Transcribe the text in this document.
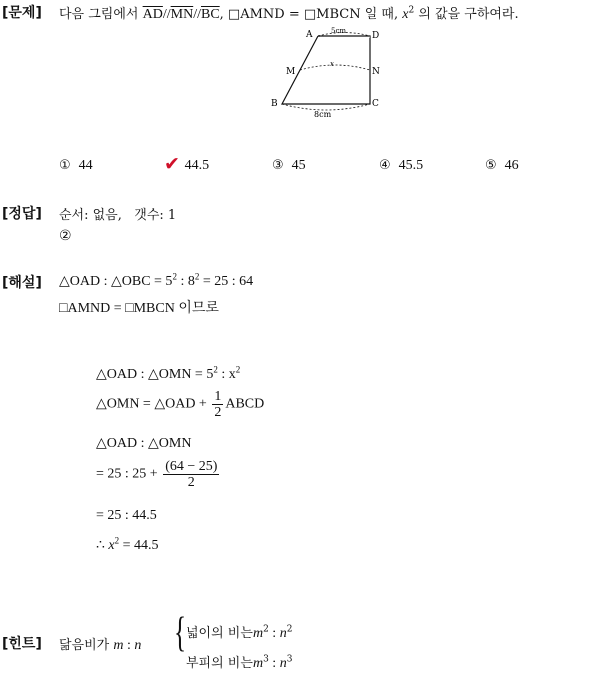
[문제] 다음 그림에서 $\overline{AD}//\overline{MN}//\overline{BC}$, □AMND = □MBCN 일 때, $x^2$ 의 값을 구하여라.
A	D
M	N
B	C
5cm
x
8cm
① 44	✔ 44.5	③ 45	④ 45.5	⑤ 46
[정답] 순서: 없음,   갯수: 1
②
[해설] △OAD : △OBC = $5^2$ : $8^2 = 25$ : 64
□AMND = □MBCN 이므로
△OAD : △OMN = $5^2$ : $x^2$
△OMN = △OAD + $\frac{1}{2}$ ABCD
△OAD : △OMN
= 25 : $25 + \frac{(64 - 25)}{2}$
= 25 : 44.5
∴ $x^2 = 44.5$
[힌트] 닮음비가 m : n { 넓이의 비는$m^2$ : $n^2$
부피의 비는$m^3$ : $n^3$
